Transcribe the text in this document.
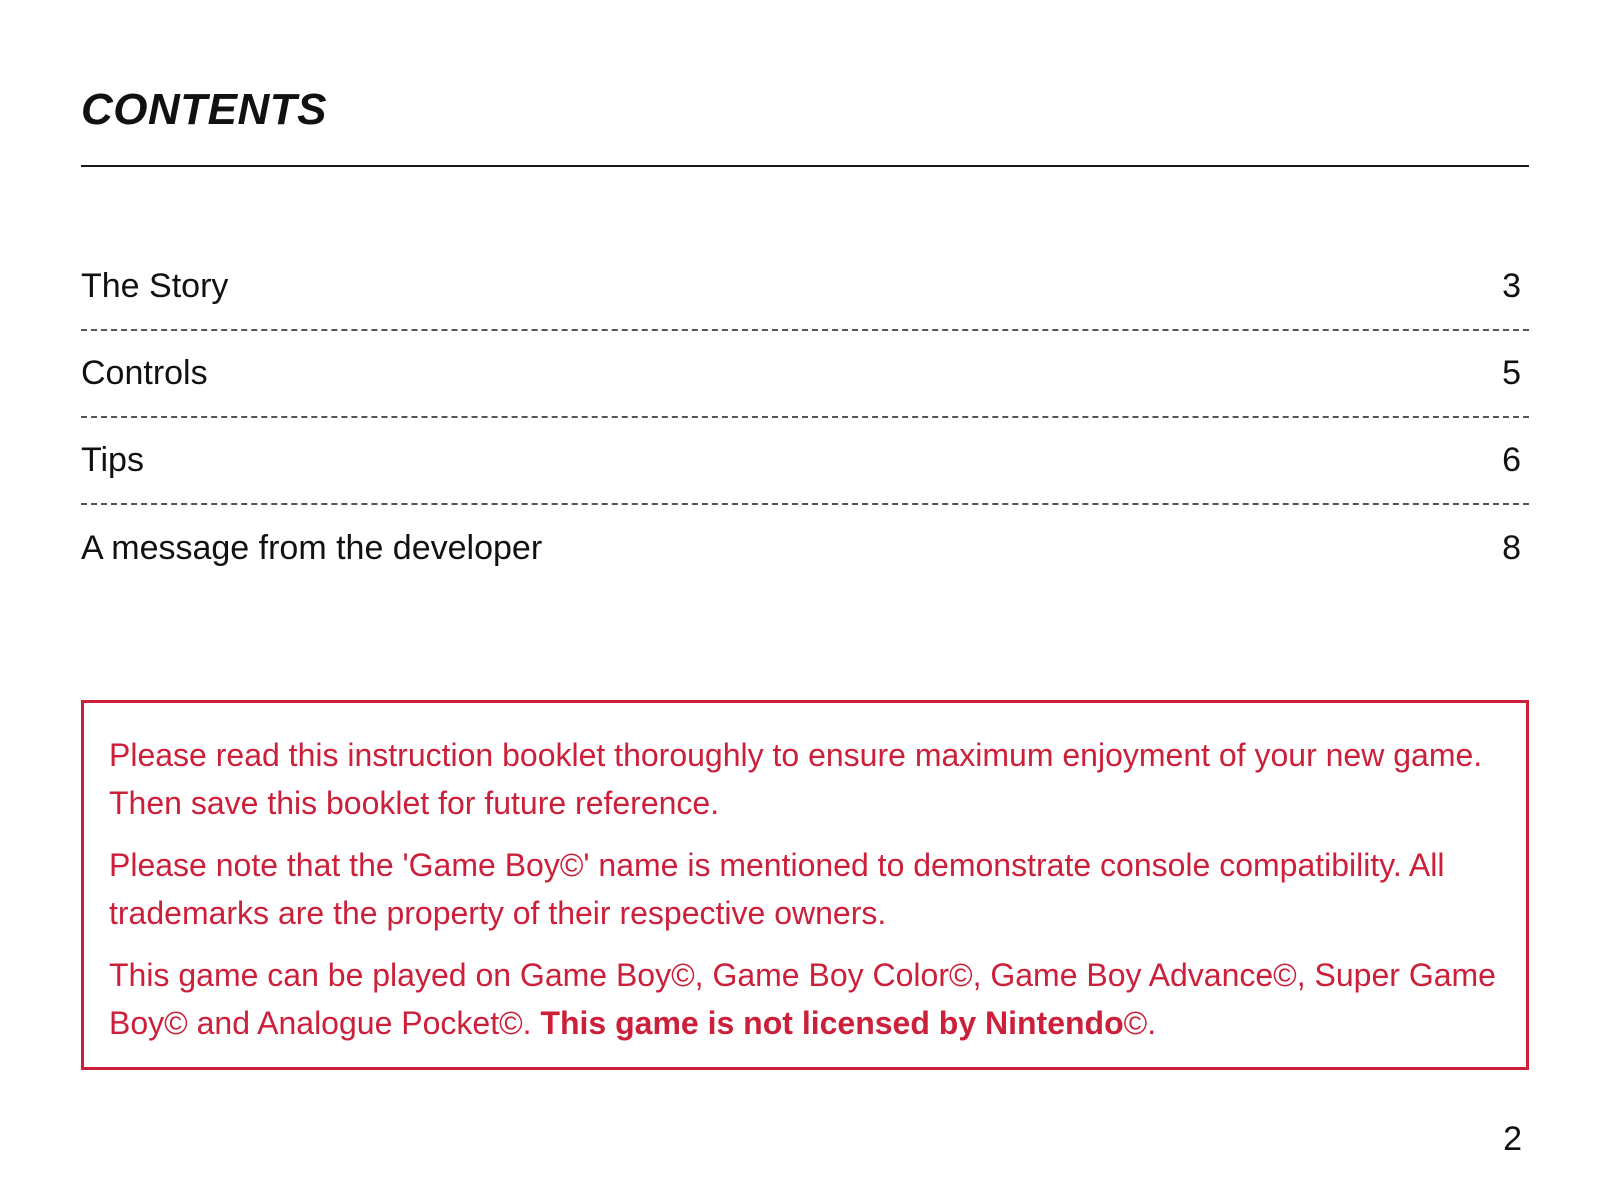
CONTENTS
The Story	3
Controls	5
Tips	6
A message from the developer	8

Please read this instruction booklet thoroughly to ensure maximum enjoyment of your new game. Then save this booklet for future reference.

Please note that the 'Game Boy©' name is mentioned to demonstrate console compatibility. All trademarks are the property of their respective owners.

This game can be played on Game Boy©, Game Boy Color©, Game Boy Advance©, Super Game Boy© and Analogue Pocket©. This game is not licensed by Nintendo©.

2
